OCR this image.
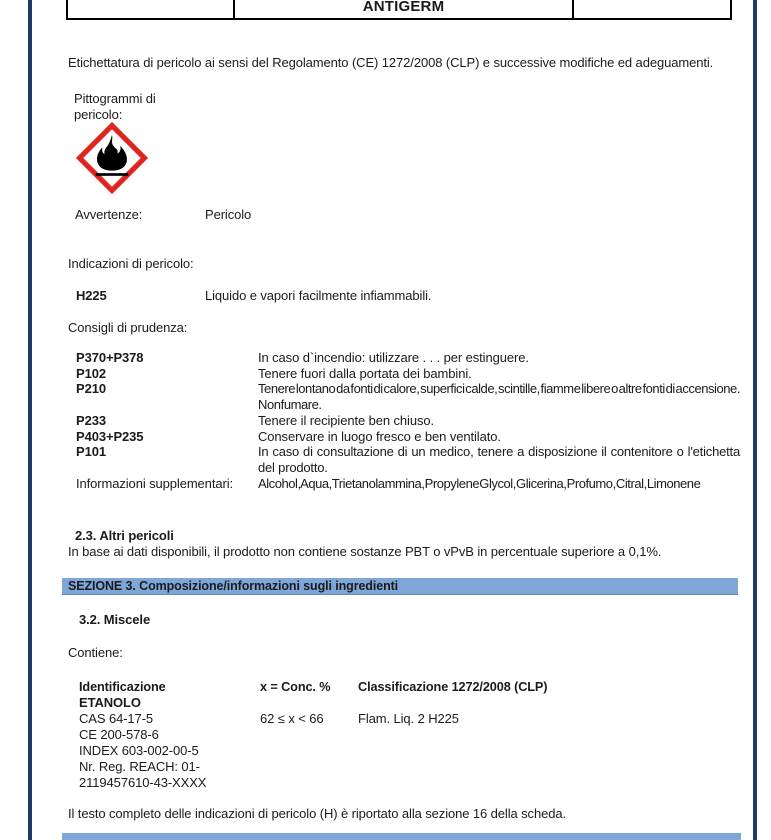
ANTIGERM
Etichettatura di pericolo ai sensi del Regolamento (CE) 1272/2008 (CLP) e successive modifiche ed adeguamenti.
Pittogrammi di pericolo:
Avvertenze:	Pericolo
Indicazioni di pericolo:
H225	Liquido e vapori facilmente infiammabili.
Consigli di prudenza:
P370+P378	In caso d`incendio: utilizzare . . . per estinguere.
P102	Tenere fuori dalla portata dei bambini.
P210	Tenere lontano da fonti di calore, superfici calde, scintille, fiamme libere o altre fonti di accensione. Non fumare.
P233	Tenere il recipiente ben chiuso.
P403+P235	Conservare in luogo fresco e ben ventilato.
P101	In caso di consultazione di un medico, tenere a disposizione il contenitore o l'etichetta del prodotto.
Informazioni supplementari:	Alcohol, Aqua, Trietanolammina, Propylene Glycol, Glicerina, Profumo, Citral, Limonene
2.3. Altri pericoli
In base ai dati disponibili, il prodotto non contiene sostanze PBT o vPvB in percentuale superiore a 0,1%.
SEZIONE 3. Composizione/informazioni sugli ingredienti
3.2. Miscele
Contiene:
Identificazione	x = Conc. %	Classificazione 1272/2008 (CLP)
ETANOLO
CAS 64-17-5
CE 200-578-6
INDEX 603-002-00-5
Nr. Reg. REACH: 01-
2119457610-43-XXXX
62 ≤ x < 66	Flam. Liq. 2 H225
Il testo completo delle indicazioni di pericolo (H) è riportato alla sezione 16 della scheda.
